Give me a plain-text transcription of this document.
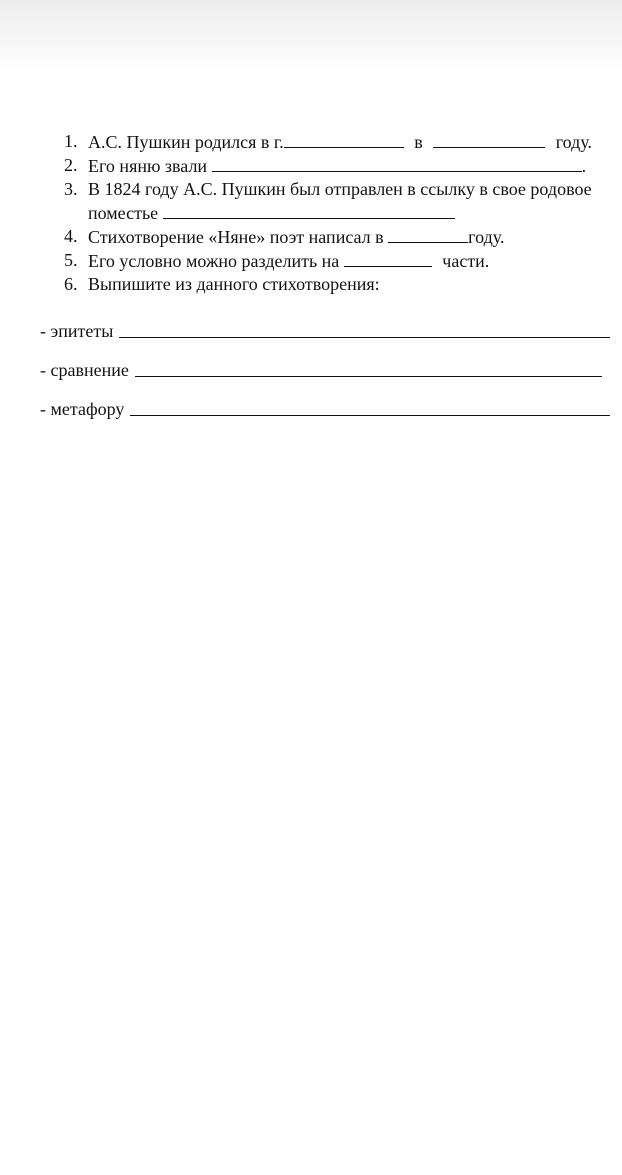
1. А.С. Пушкин родился в г.	в	году.
2. Его няню звали	.
3. В 1824 году А.С. Пушкин был отправлен в ссылку в свое родовое поместье
4. Стихотворение «Няне» поэт написал в	году.
5. Его условно можно разделить на	части.
6. Выпишите из данного стихотворения:
- эпитеты
- сравнение
- метафору
